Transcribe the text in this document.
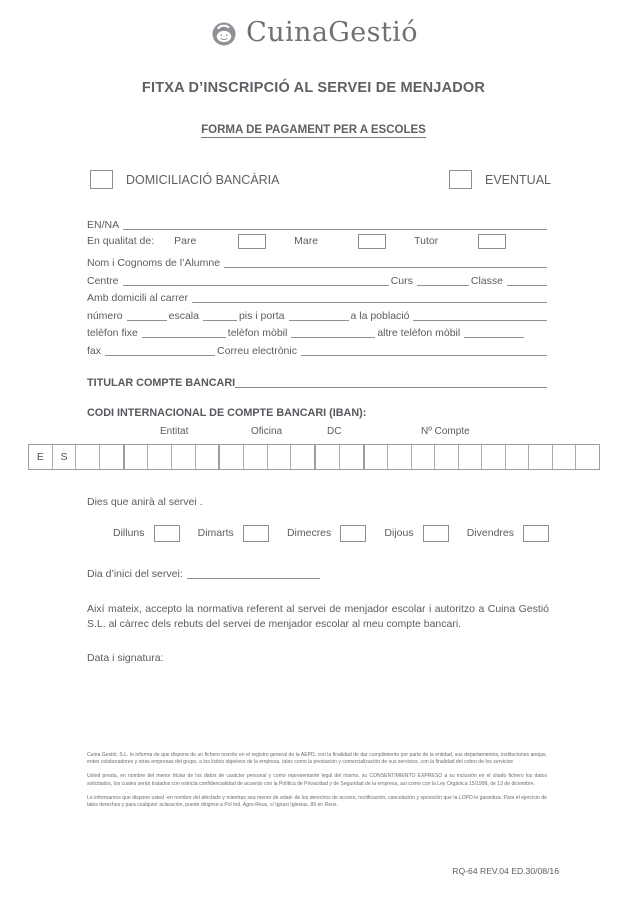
CuinaGestió
FITXA D’INSCRIPCIÓ AL SERVEI DE MENJADOR
FORMA DE PAGAMENT PER A ESCOLES
DOMICILIACIÓ BANCÀRIA	EVENTUAL
EN/NA
En qualitat de: Pare	Mare	Tutor
Nom i Cognoms de l’Alumne
Centre	Curs	Classe
Amb domicili al carrer
número	escala	pis i porta	a la població
telèfon fixe	telèfon mòbil	altre telèfon mòbil
fax	Correu electrònic
TITULAR COMPTE BANCARI
CODI INTERNACIONAL DE COMPTE BANCARI (IBAN):
Entitat	Oficina	DC	Nº Compte
E	S
Dies que anirà al servei .
Dilluns	Dimarts	Dimecres	Dijous	Divendres
Dia d’inici del servei:
Així mateix, accepto la normativa referent al servei de menjador escolar i autoritzo a Cuina Gestió S.L. al càrrec dels rebuts del servei de menjador escolar al meu compte bancari.
Data i signatura:

Cuina Gestió, S.L. le informa de que dispone de un fichero inscrito en el registro general de la AEPD, con la finalidad de dar cumplimiento por parte de la entidad, sus departamentos, instituciones anejas, entes colaboradores y otras empresas del grupo, a los licitos objetivos de la empresa, tales como la prestación y comercialización de sus servicios, con la finalidad del cobro de los servicios

Usted presta, en nombre del menor titular de los datos de carácter personal y como representante legal del mismo, su CONSENTIMIENTO EXPRESO a su inclusión en el citado fichero los datos solicitados, los cuales serán tratados con estricta confidencialidad de acuerdo con la Política de Privacidad y de Seguridad de la empresa, así como con la Ley Orgánica 15/1999, de 13 de diciembre.

Le informamos que dispone usted -en nombre del afectado y mientras sea menor de edad- de los derechos de acceso, rectificación, cancelación y oposición que la LOPD le garantiza. Para el ejercicio de tales derechos y para cualquier aclaración, puede dirigirse a Pol Ind. Agro-Reus, c/ Ignasi Iglesias, 89 en Reus.

RQ-64 REV.04 ED.30/08/16
